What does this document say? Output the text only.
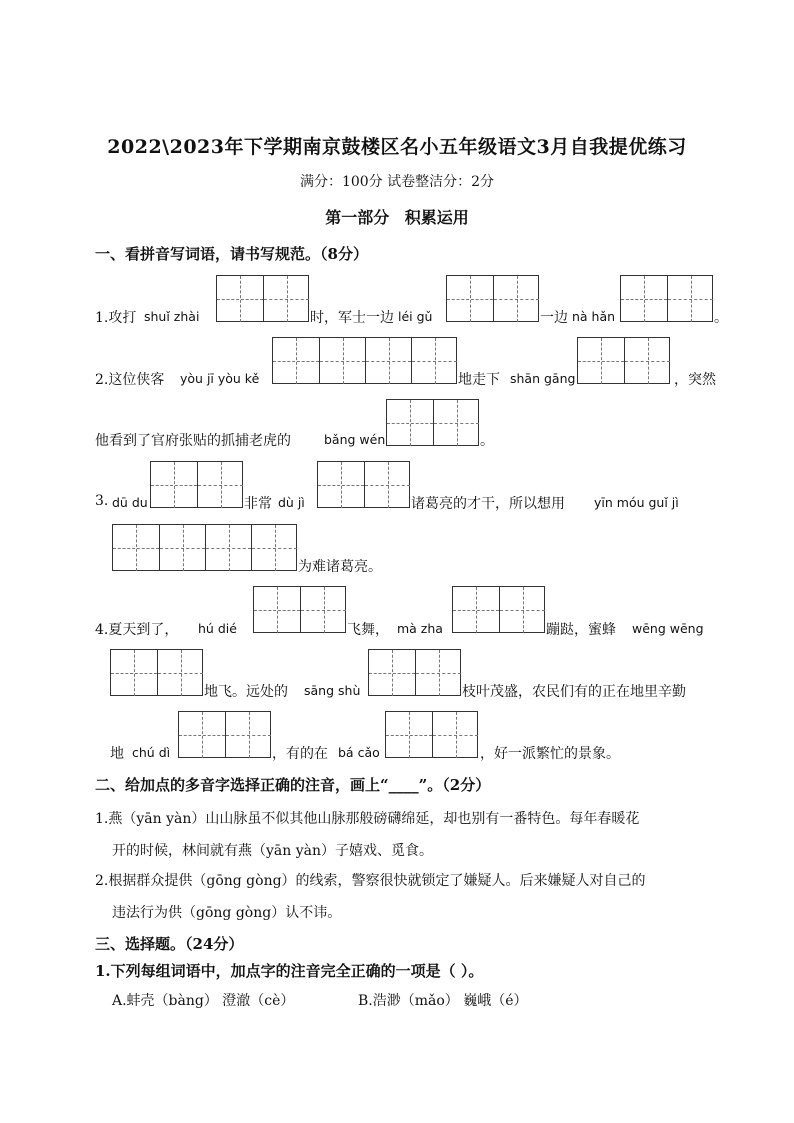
2022\2023年下学期南京鼓楼区名小五年级语文3月自我提优练习
满分：100分 试卷整洁分：2分
第一部分 积累运用
一、看拼音写词语，请书写规范。（8分）
1.攻打 shuǐ zhài	时，军士一边 léi gǔ	一边 nà hǎn	。
2.这位侠客 yòu jī yòu kě	地走下 shān gāng	，突然
他看到了官府张贴的抓捕老虎的	bǎng wén	。
3. dū du	非常 dù jì	诸葛亮的才干，所以想用 yīn móu guǐ jì
为难诸葛亮。
4.夏天到了， hú dié	飞舞， mà zha	蹦跶，蜜蜂 wēng wēng
地飞。远处的 sāng shù	枝叶茂盛，农民们有的正在地里辛勤
地 chú dì	，有的在 bá cǎo	，好一派繁忙的景象。
二、给加点的多音字选择正确的注音，画上“____”。（2分）
1.燕（yān yàn）山山脉虽不似其他山脉那般磅礴绵延，却也别有一番特色。每年春暖花
开的时候，林间就有燕（yān yàn）子嬉戏、觅食。
2.根据群众提供（gōng gòng）的线索，警察很快就锁定了嫌疑人。后来嫌疑人对自己的
违法行为供（gōng gòng）认不讳。
三、选择题。（24分）
1.下列每组词语中，加点字的注音完全正确的一项是（ ）。
A.蚌壳（bàng） 澄澈（cè）	B.浩渺（mǎo） 巍峨（é）
